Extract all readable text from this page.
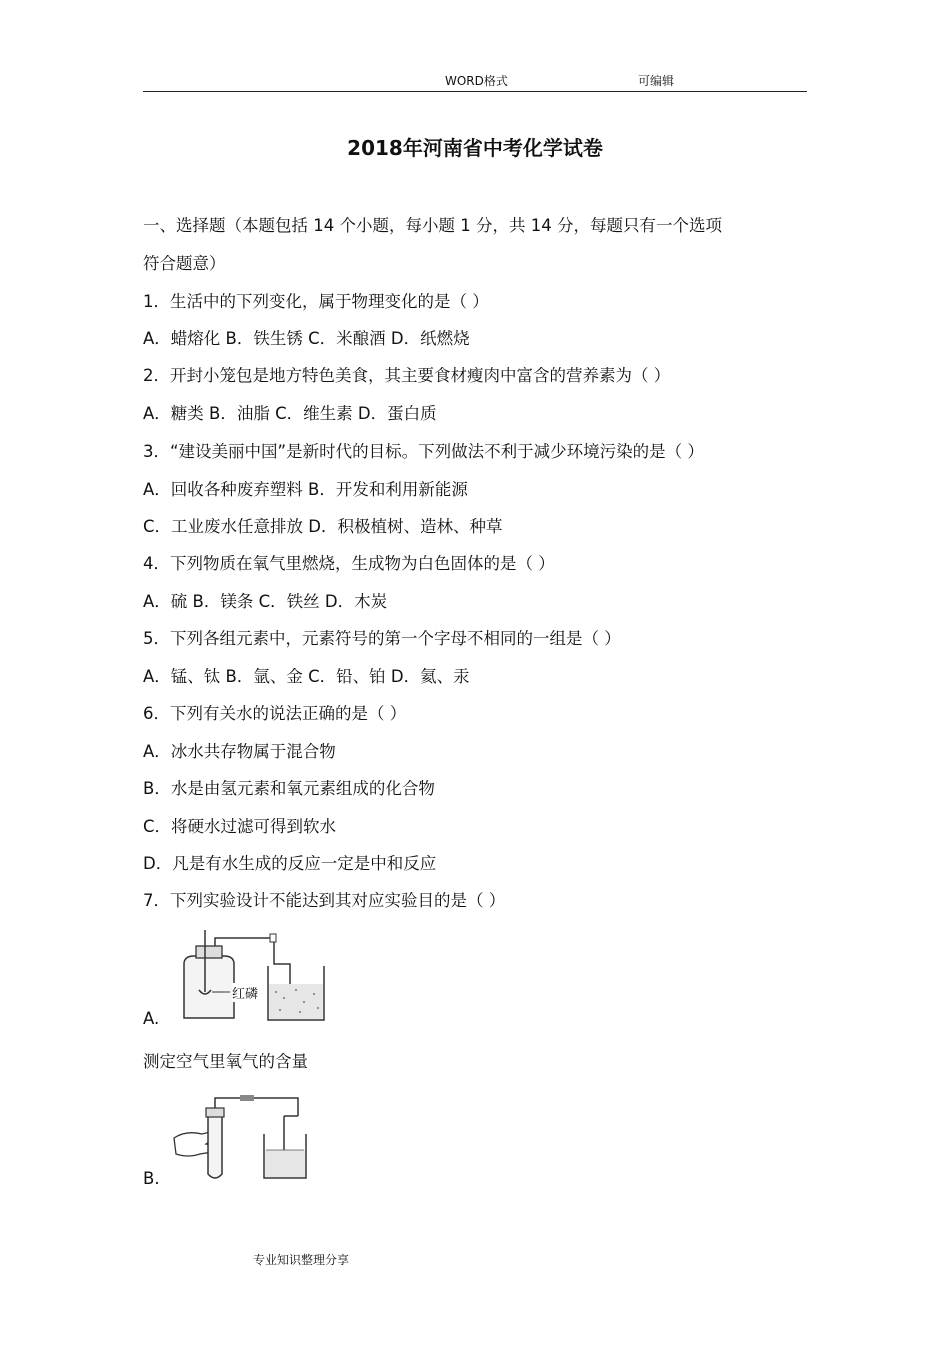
WORD格式	可编辑
2018年河南省中考化学试卷
一、选择题（本题包括 14 个小题，每小题 1 分，共 14 分，每题只有一个选项
符合题意）
1．生活中的下列变化，属于物理变化的是（ ）
A．蜡熔化 B．铁生锈 C．米酿酒 D．纸燃烧
2．开封小笼包是地方特色美食，其主要食材瘦肉中富含的营养素为（ ）
A．糖类 B．油脂 C．维生素 D．蛋白质
3．“建设美丽中国”是新时代的目标。下列做法不利于减少环境污染的是（ ）
A．回收各种废弃塑料 B．开发和利用新能源
C．工业废水任意排放 D．积极植树、造林、种草
4．下列物质在氧气里燃烧，生成物为白色固体的是（ ）
A．硫 B．镁条 C．铁丝 D．木炭
5．下列各组元素中，元素符号的第一个字母不相同的一组是（ ）
A．锰、钛 B．氩、金 C．铅、铂 D．氦、汞
6．下列有关水的说法正确的是（ ）
A．冰水共存物属于混合物
B．水是由氢元素和氧元素组成的化合物
C．将硬水过滤可得到软水
D．凡是有水生成的反应一定是中和反应
7．下列实验设计不能达到其对应实验目的是（ ）
红磷
A.
测定空气里氧气的含量
B.
专业知识整理分享
